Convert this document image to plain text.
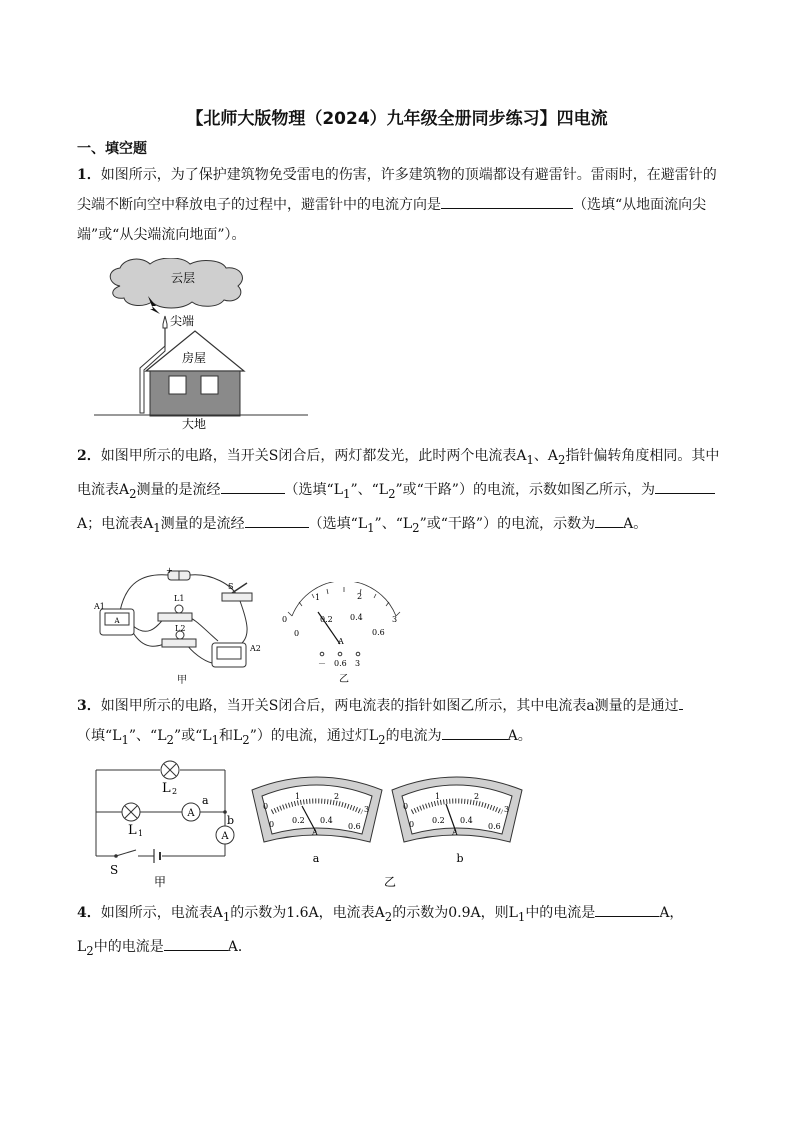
【北师大版物理（2024）九年级全册同步练习】四电流
一、填空题
1．如图所示，为了保护建筑物免受雷电的伤害，许多建筑物的顶端都设有避雷针。雷雨时，在避雷针的尖端不断向空中释放电子的过程中，避雷针中的电流方向是	（选填“从地面流向尖端”或“从尖端流向地面”）。
云层
尖端
房屋
大地
2．如图甲所示的电路，当开关S闭合后，两灯都发光，此时两个电流表$A_1$、$A_2$指针偏转角度相同。其中电流表$A_2$测量的是流经	（选填“$L_1$”、“$L_2$”或“干路”）的电流，示数如图乙所示，为A；电流表$A_1$测量的是流经	（选填“$L_1$”、“$L_2$”或“干路”）的电流，示数为 A。
+
A
A1
L1
L2
S
A2
甲
0
1	2
3
0
0.2 0.4
0.6
A
－ 0.6 3
乙
3．如图甲所示的电路，当开关S闭合后，两电流表的指针如图乙所示，其中电流表a测量的是通过（填“$L_1$”、“$L_2$”或“$L_1$和$L_2$”）的电流，通过灯$L_2$的电流为	A。
L 2
L 1
A
a
A
b
S
甲
0
1	2
3
0 0.2 0.4
0.6
A
a
0
1	2
3
0 0.2 0.4
0.6
A
b
乙
4．如图所示，电流表$A_1$的示数为1.6A，电流表$A_2$的示数为0.9A，则$L_1$中的电流是	A，
$L_2$中的电流是	A．
